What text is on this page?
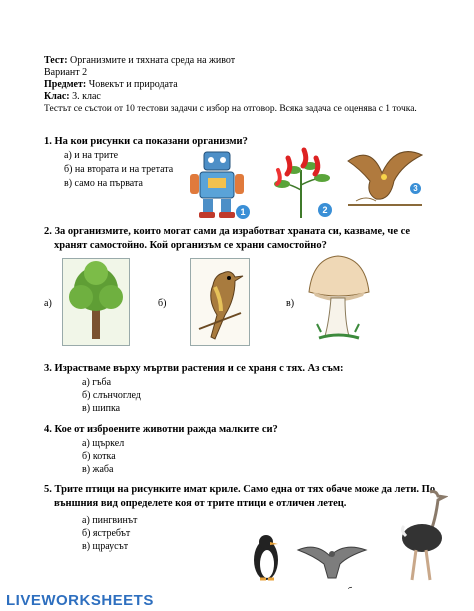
Тест: Организмите и тяхната среда на живот
Вариант 2
Предмет: Човекът и природата
Клас: 3. клас
Тестът се състои от 10 тестови задачи с избор на отговор. Всяка задача се оценява с 1 точка.
1. На кои рисунки са показани организми?
а) и на трите
б) на втората и на третата
в) само на първата
1	2
3
2. За организмите, които могат сами да изработват храната си, казваме, че се
хранят самостойно. Кой организъм се храни самостойно?
а)	б)	в)
3. Израстваме върху мъртви растения и се храня с тях. Аз съм:
а) гъба
б) слънчоглед
в) шипка
4. Кое от изброените животни ражда малките си?
а) щъркел
б) котка
в) жаба
5. Трите птици на рисунките имат криле. Само една от тях обаче може да лети. По
външния вид определете коя от трите птици е отличен летец.
а) пингвинът
б) ястребът
в) щраусът
LIVEWORKSHEETS
